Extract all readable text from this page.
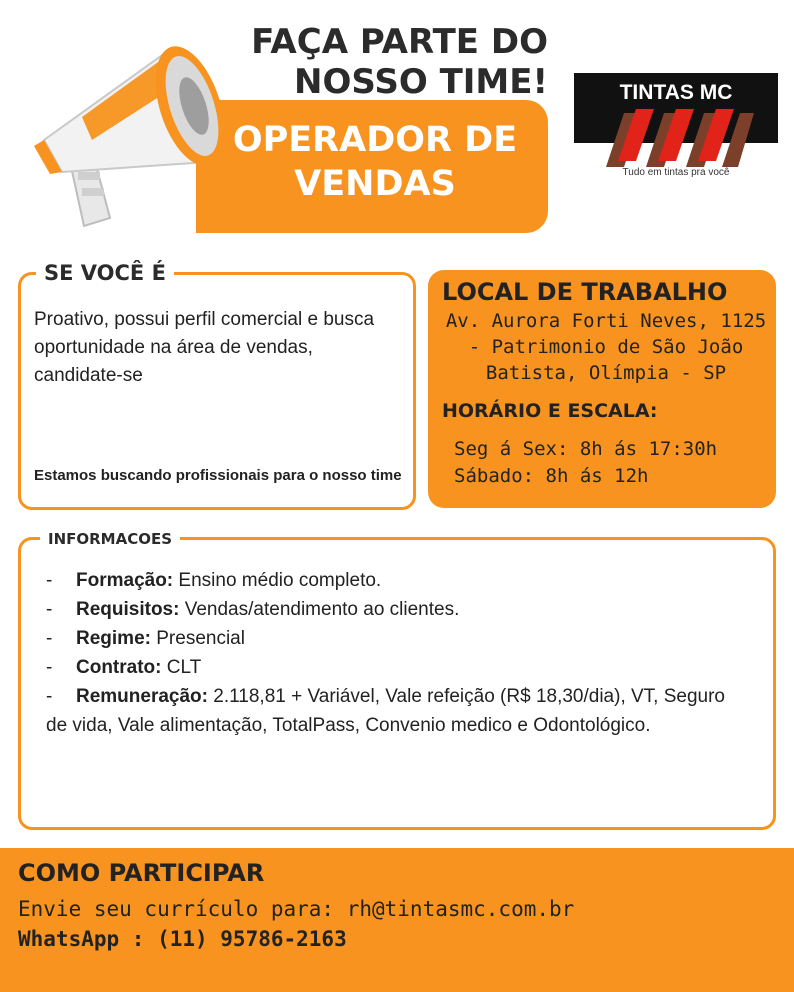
FAÇA PARTE DO
NOSSO TIME!
OPERADOR DE
VENDAS
TINTAS MC
Tudo em tintas pra você
SE VOCÊ É
Proativo, possui perfil comercial e busca oportunidade na área de vendas, candidate-se
Estamos buscando profissionais para o nosso time
LOCAL DE TRABALHO
Av. Aurora Forti Neves, 1125
- Patrimonio de São João
Batista, Olímpia - SP
HORÁRIO E ESCALA:
Seg á Sex: 8h ás 17:30h
Sábado: 8h ás 12h
INFORMACOES
- Formação: Ensino médio completo.
- Requisitos: Vendas/atendimento ao clientes.
- Regime: Presencial
- Contrato: CLT
- Remuneração: 2.118,81 + Variável, Vale refeição (R$ 18,30/dia), VT, Seguro de vida, Vale alimentação, TotalPass, Convenio medico e Odontológico.
COMO PARTICIPAR
Envie seu currículo para: rh@tintasmc.com.br
WhatsApp : (11) 95786-2163
